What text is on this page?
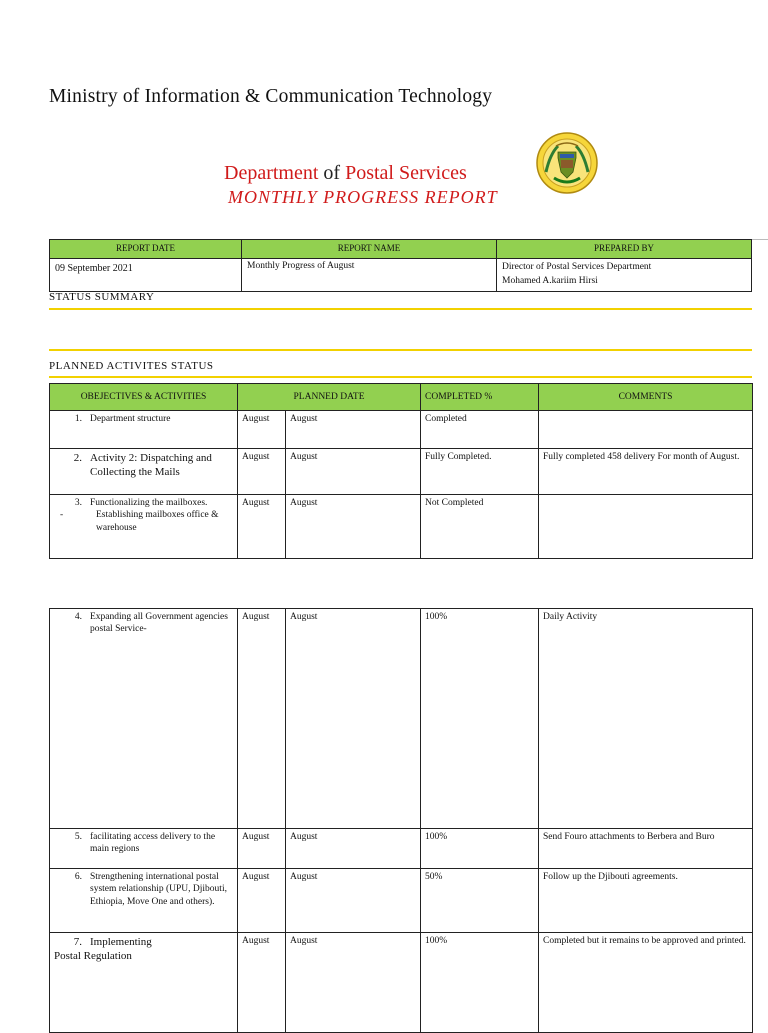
Ministry of Information & Communication Technology
Department of Postal Services
MONTHLY PROGRESS REPORT
REPORT DATE	REPORT NAME	PREPARED BY
09 September 2021	Monthly Progress of August	Director of Postal Services Department
Mohamed A.kariim Hirsi
STATUS SUMMARY
PLANNED ACTIVITES STATUS
OBEJECTIVES & ACTIVITIES	PLANNED DATE		COMPLETED %	COMMENTS
1. Department structure	August	August	Completed	

2. Activity 2: Dispatching and Collecting the Mails	August	August	Fully Completed.	Fully completed 458 delivery For month of August.

3. Functionalizing the mailboxes.
- Establishing mailboxes office & warehouse	August	August	Not Completed	
4. Expanding all Government agencies postal Service-	August	August	100%	Daily Activity

5. facilitating access delivery to the main regions	August	August	100%	Send Fouro attachments to Berbera and Buro

6. Strengthening international postal system relationship (UPU, Djibouti, Ethiopia, Move One and others).	August	August	50%	Follow up the Djibouti agreements.

7. Implementing
Postal Regulation	August	August	100%	Completed but it remains to be approved and printed.
